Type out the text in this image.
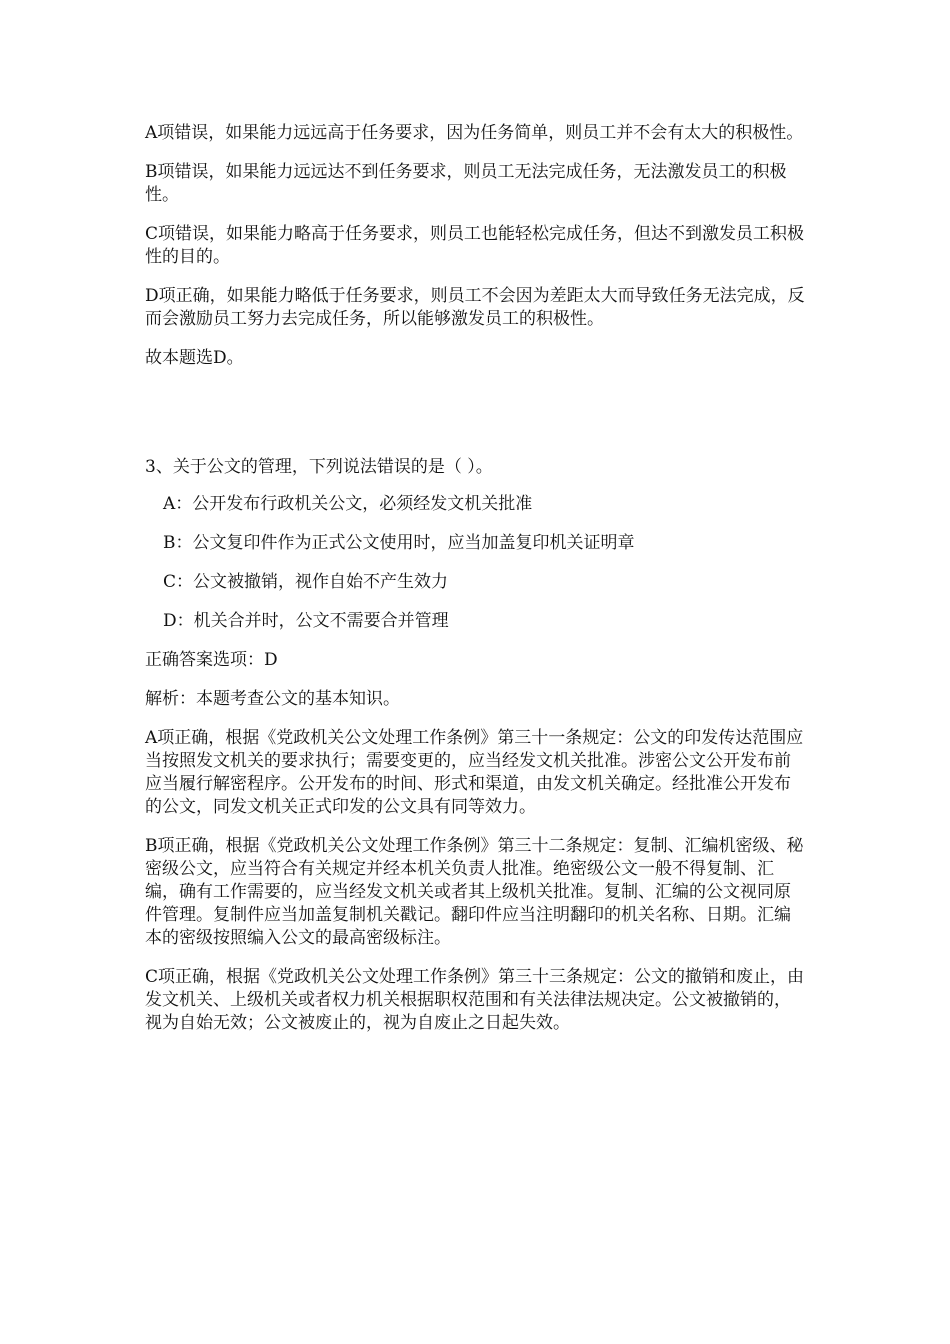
A项错误，如果能力远远高于任务要求，因为任务简单，则员工并不会有太大的积极性。

B项错误，如果能力远远达不到任务要求，则员工无法完成任务，无法激发员工的积极性。

C项错误，如果能力略高于任务要求，则员工也能轻松完成任务，但达不到激发员工积极性的目的。

D项正确，如果能力略低于任务要求，则员工不会因为差距太大而导致任务无法完成，反而会激励员工努力去完成任务，所以能够激发员工的积极性。

故本题选D。

3、关于公文的管理，下列说法错误的是（ ）。

A：公开发布行政机关公文，必须经发文机关批准

B：公文复印件作为正式公文使用时，应当加盖复印机关证明章

C：公文被撤销，视作自始不产生效力

D：机关合并时，公文不需要合并管理

正确答案选项：D

解析：本题考查公文的基本知识。

A项正确，根据《党政机关公文处理工作条例》第三十一条规定：公文的印发传达范围应当按照发文机关的要求执行；需要变更的，应当经发文机关批准。涉密公文公开发布前应当履行解密程序。公开发布的时间、形式和渠道，由发文机关确定。经批准公开发布的公文，同发文机关正式印发的公文具有同等效力。

B项正确，根据《党政机关公文处理工作条例》第三十二条规定：复制、汇编机密级、秘密级公文，应当符合有关规定并经本机关负责人批准。绝密级公文一般不得复制、汇编，确有工作需要的，应当经发文机关或者其上级机关批准。复制、汇编的公文视同原件管理。复制件应当加盖复制机关戳记。翻印件应当注明翻印的机关名称、日期。汇编本的密级按照编入公文的最高密级标注。

C项正确，根据《党政机关公文处理工作条例》第三十三条规定：公文的撤销和废止，由发文机关、上级机关或者权力机关根据职权范围和有关法律法规决定。公文被撤销的，视为自始无效；公文被废止的，视为自废止之日起失效。
